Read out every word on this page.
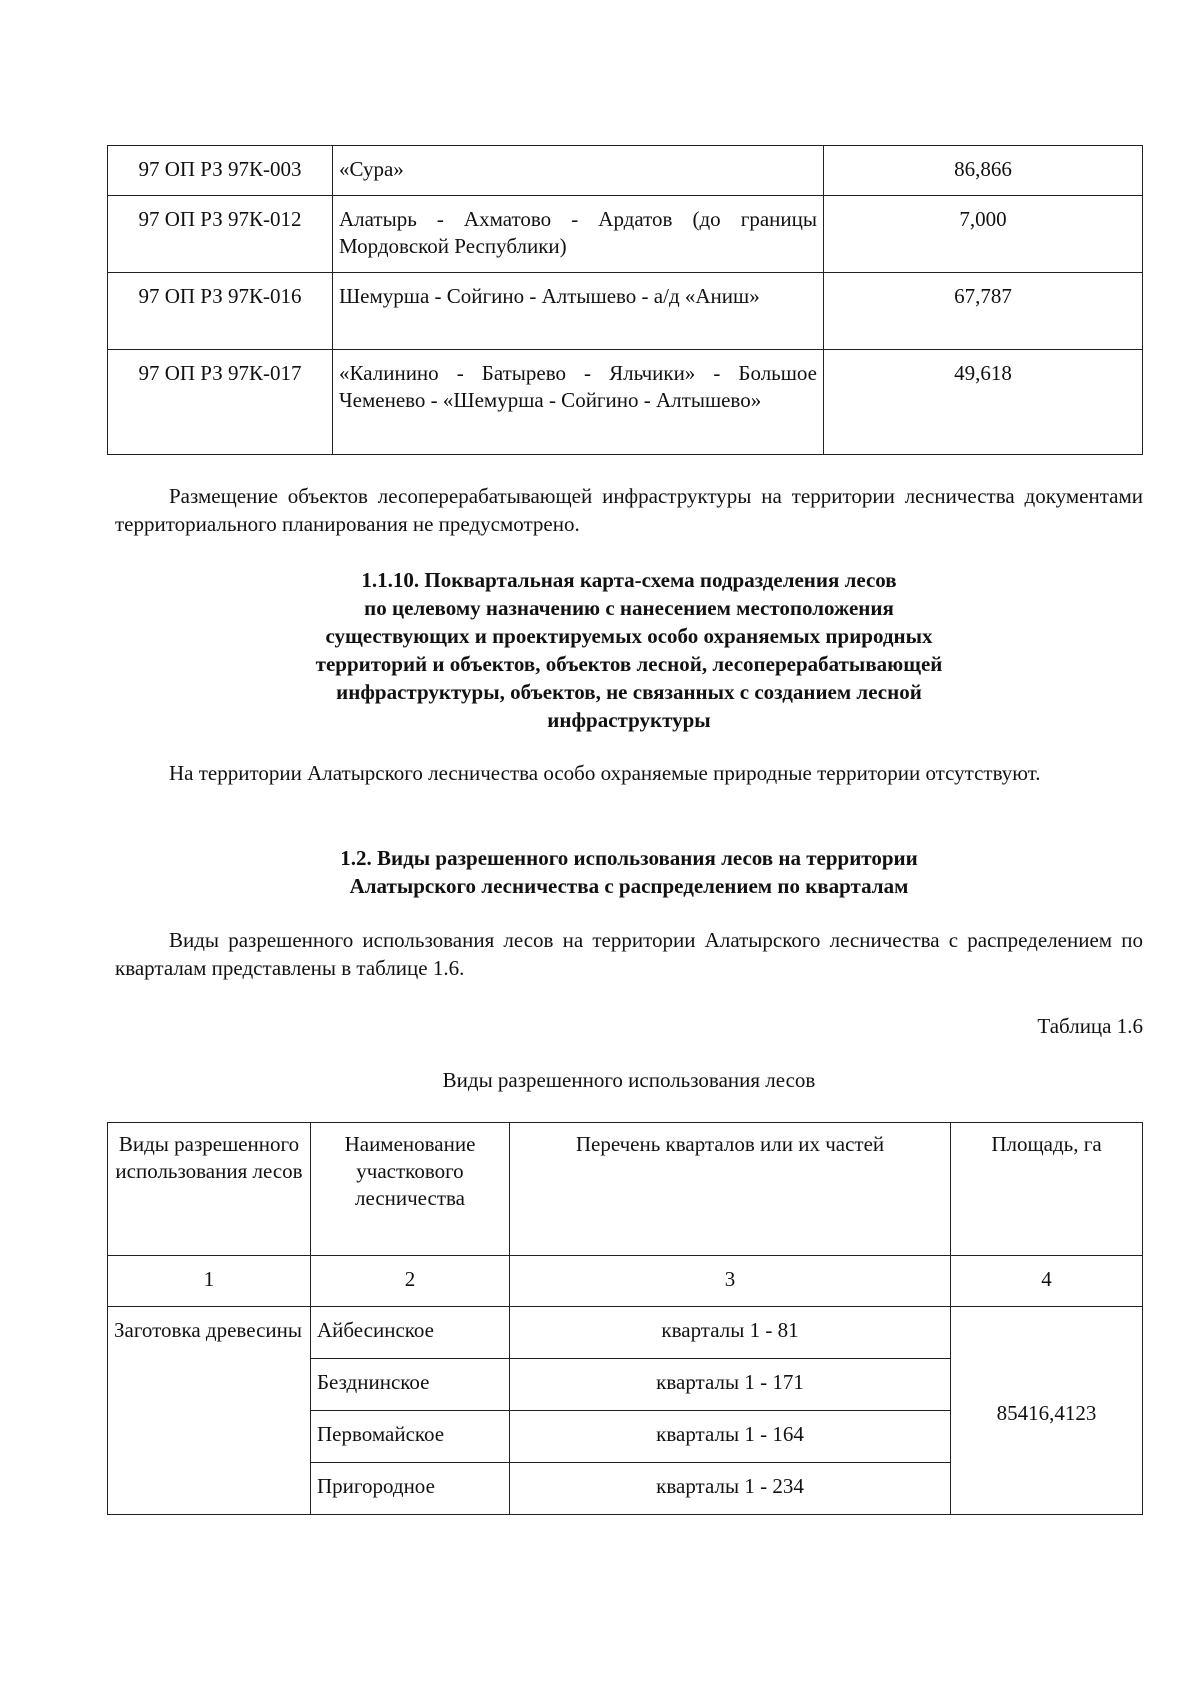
97 ОП РЗ 97К-003	«Сура»	86,866
97 ОП РЗ 97К-012	Алатырь - Ахматово - Ардатов (до границы Мордовской Республики)	7,000
97 ОП РЗ 97К-016	Шемурша - Сойгино - Алтышево - а/д «Аниш»	67,787
97 ОП РЗ 97К-017	«Калинино - Батырево - Яльчики» - Большое Чеменево - «Шемурша - Сойгино - Алтышево»	49,618

Размещение объектов лесоперерабатывающей инфраструктуры на территории лесничества документами территориального планирования не предусмотрено.

1.1.10. Поквартальная карта-схема подразделения лесов
по целевому назначению с нанесением местоположения
существующих и проектируемых особо охраняемых природных
территорий и объектов, объектов лесной, лесоперерабатывающей
инфраструктуры, объектов, не связанных с созданием лесной
инфраструктуры

На территории Алатырского лесничества особо охраняемые природные территории отсутствуют.

1.2. Виды разрешенного использования лесов на территории
Алатырского лесничества с распределением по кварталам

Виды разрешенного использования лесов на территории Алатырского лесничества с распределением по кварталам представлены в таблице 1.6.

Таблица 1.6

Виды разрешенного использования лесов

Виды разрешенного использования лесов	Наименование участкового лесничества	Перечень кварталов или их частей	Площадь, га
1	2	3	4
Заготовка древесины	Айбесинское	кварталы 1 - 81	85416,4123
	Безднинское	кварталы 1 - 171	
	Первомайское	кварталы 1 - 164	
	Пригородное	кварталы 1 - 234	
